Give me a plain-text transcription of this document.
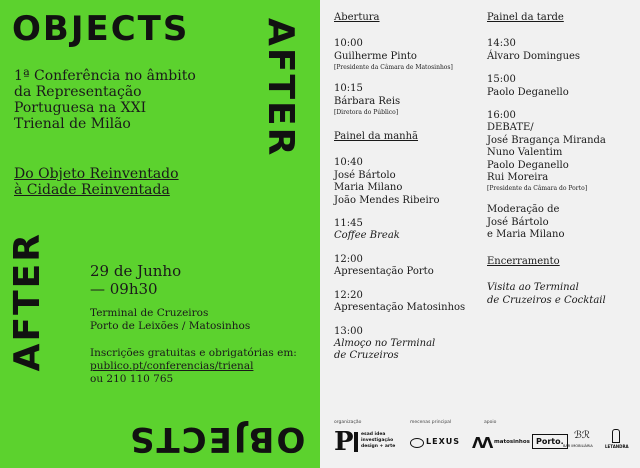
OBJECTS AFTER
AFTER
OBJECTS
1ª Conferência no âmbito
da Representação
Portuguesa na XXI
Trienal de Milão
Do Objeto Reinventado
à Cidade Reinventada
29 de Junho
— 09h30
Terminal de Cruzeiros
Porto de Leixões / Matosinhos
Inscrições gratuitas e obrigatórias em:
publico.pt/conferencias/trienal
ou 210 110 765
Abertura
10:00
Guilherme Pinto
[Presidente da Câmara de Matosinhos]
10:15
Bárbara Reis
[Diretora do Público]
Painel da manhã
10:40
José Bártolo
Maria Milano
João Mendes Ribeiro
11:45
Coffee Break
12:00
Apresentação Porto
12:20
Apresentação Matosinhos
13:00
Almoço no Terminal
de Cruzeiros
Painel da tarde
14:30
Álvaro Domingues
15:00
Paolo Deganello
16:00
DEBATE/
José Bragança Miranda
Nuno Valentim
Paolo Deganello
Rui Moreira
[Presidente da Câmara do Porto]
Moderação de
José Bártolo
e Maria Milano
Encerramento
Visita ao Terminal
de Cruzeiros e Cocktail
organização	mecenas principal	apoio
P esad idea
investigação
design + arte
LEXUS ΛΛ matosinhos Porto.
ℬℛ
BAR IMOBILIÁRIA	LETANDRA
